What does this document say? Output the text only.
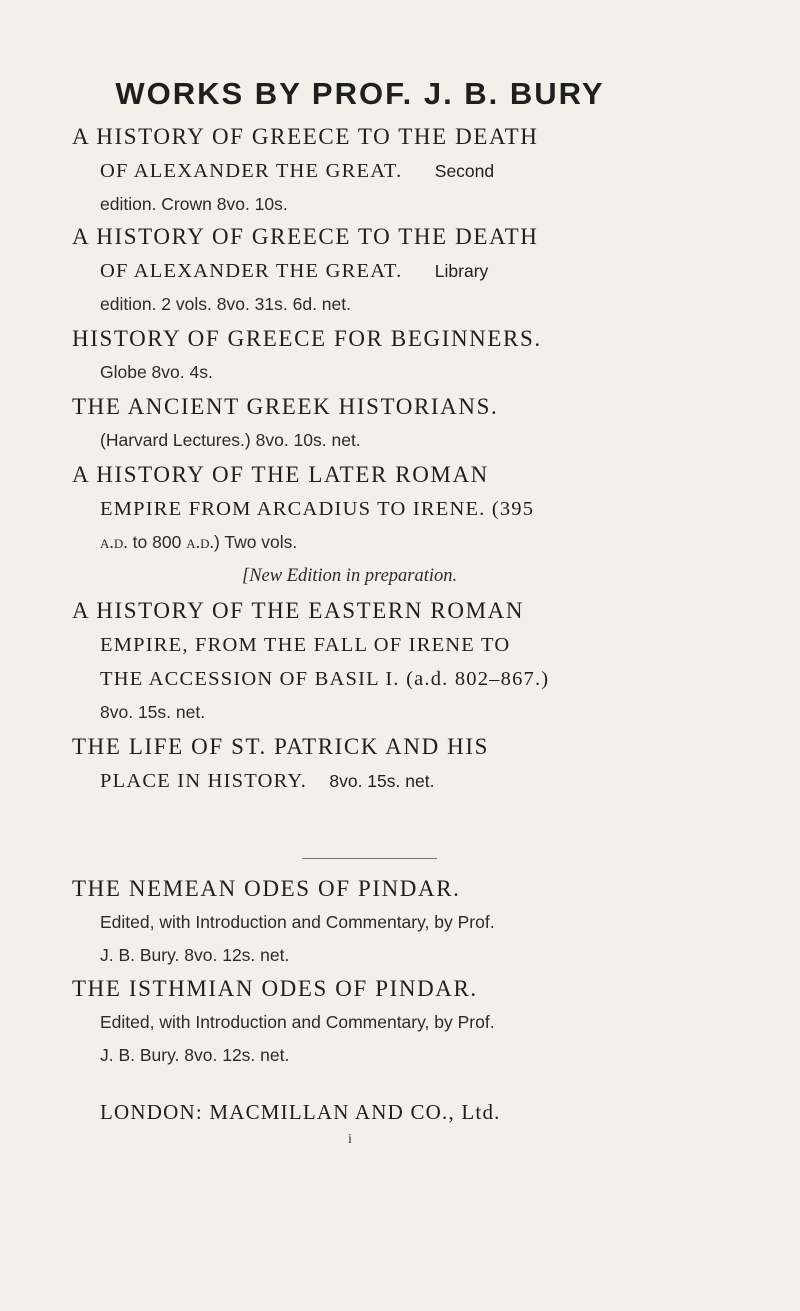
WORKS BY PROF. J. B. BURY
A HISTORY OF GREECE TO THE DEATH
OF ALEXANDER THE GREAT. Second
edition. Crown 8vo. 10s.
A HISTORY OF GREECE TO THE DEATH
OF ALEXANDER THE GREAT. Library
edition. 2 vols. 8vo. 31s. 6d. net.
HISTORY OF GREECE FOR BEGINNERS.
Globe 8vo. 4s.
THE ANCIENT GREEK HISTORIANS.
(Harvard Lectures.) 8vo. 10s. net.
A HISTORY OF THE LATER ROMAN
EMPIRE FROM ARCADIUS TO IRENE. (395
a.d. to 800 a.d.) Two vols.
[New Edition in preparation.
A HISTORY OF THE EASTERN ROMAN
EMPIRE, FROM THE FALL OF IRENE TO
THE ACCESSION OF BASIL I. (a.d. 802–867.)
8vo. 15s. net.
THE LIFE OF ST. PATRICK AND HIS
PLACE IN HISTORY. 8vo. 15s. net.
THE NEMEAN ODES OF PINDAR.
Edited, with Introduction and Commentary, by Prof.
J. B. Bury. 8vo. 12s. net.
THE ISTHMIAN ODES OF PINDAR.
Edited, with Introduction and Commentary, by Prof.
J. B. Bury. 8vo. 12s. net.
LONDON: MACMILLAN AND CO., Ltd.
i
